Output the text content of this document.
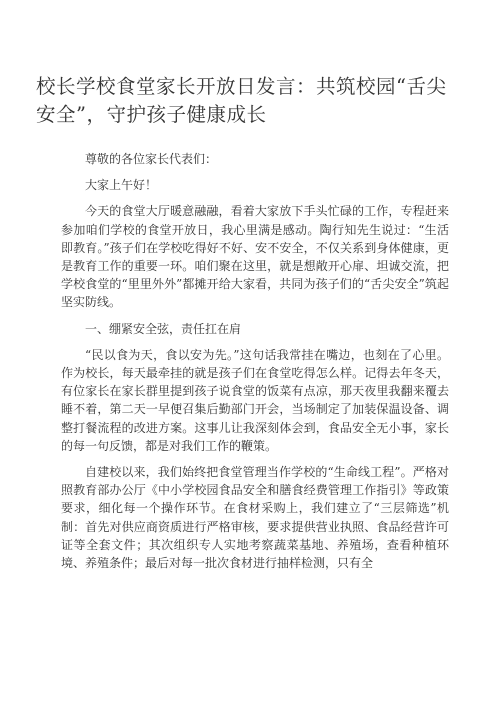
校长学校食堂家长开放日发言：共筑校园“舌尖安全”，守护孩子健康成长

尊敬的各位家长代表们：

大家上午好！

今天的食堂大厅暖意融融，看着大家放下手头忙碌的工作，专程赶来参加咱们学校的食堂开放日，我心里满是感动。陶行知先生说过：“生活即教育。”孩子们在学校吃得好不好、安不安全，不仅关系到身体健康，更是教育工作的重要一环。咱们聚在这里，就是想敞开心扉、坦诚交流，把学校食堂的“里里外外”都摊开给大家看，共同为孩子们的“舌尖安全”筑起坚实防线。

一、绷紧安全弦，责任扛在肩

“民以食为天，食以安为先。”这句话我常挂在嘴边，也刻在了心里。作为校长，每天最牵挂的就是孩子们在食堂吃得怎么样。记得去年冬天，有位家长在家长群里提到孩子说食堂的饭菜有点凉，那天夜里我翻来覆去睡不着，第二天一早便召集后勤部门开会，当场制定了加装保温设备、调整打餐流程的改进方案。这事儿让我深刻体会到，食品安全无小事，家长的每一句反馈，都是对我们工作的鞭策。

自建校以来，我们始终把食堂管理当作学校的“生命线工程”。严格对照教育部办公厅《中小学校园食品安全和膳食经费管理工作指引》等政策要求，细化每一个操作环节。在食材采购上，我们建立了“三层筛选”机制：首先对供应商资质进行严格审核，要求提供营业执照、食品经营许可证等全套文件；其次组织专人实地考察蔬菜基地、养殖场，查看种植环境、养殖条件；最后对每一批次食材进行抽样检测，只有全
